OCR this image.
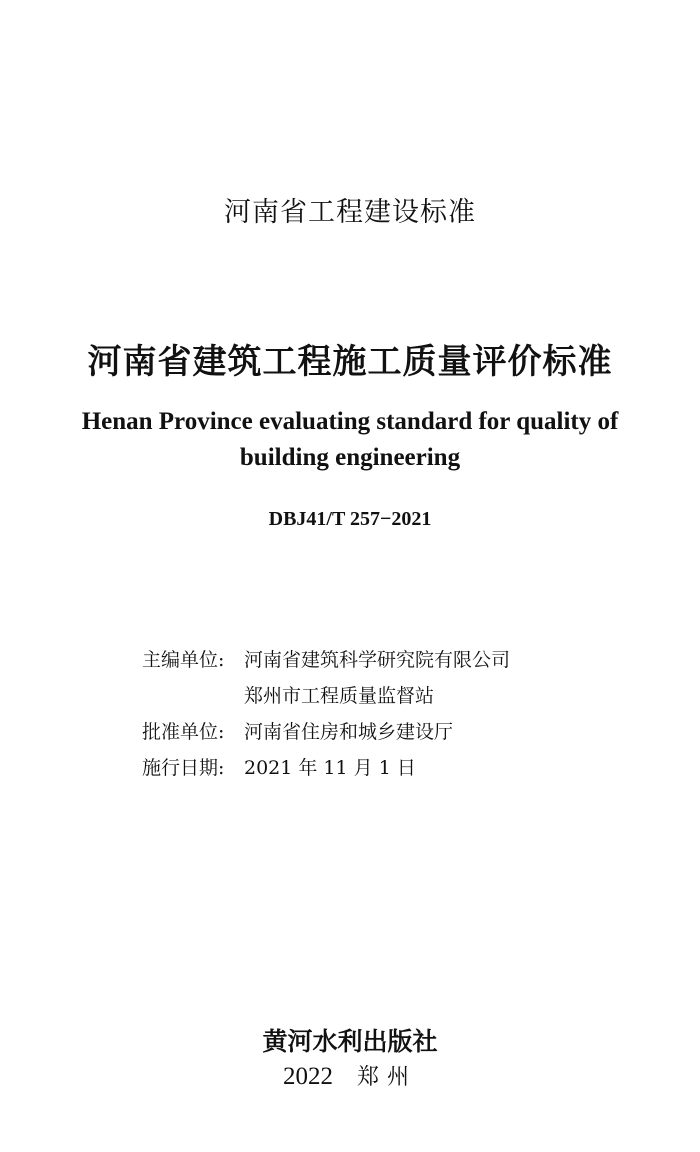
河南省工程建设标准
河南省建筑工程施工质量评价标准
Henan Province evaluating standard for quality of
building engineering
DBJ41/T 257−2021
主编单位: 河南省建筑科学研究院有限公司
郑州市工程质量监督站
批准单位: 河南省住房和城乡建设厅
施行日期: 2021 年 11 月 1 日
黄河水利出版社
2022 郑州
